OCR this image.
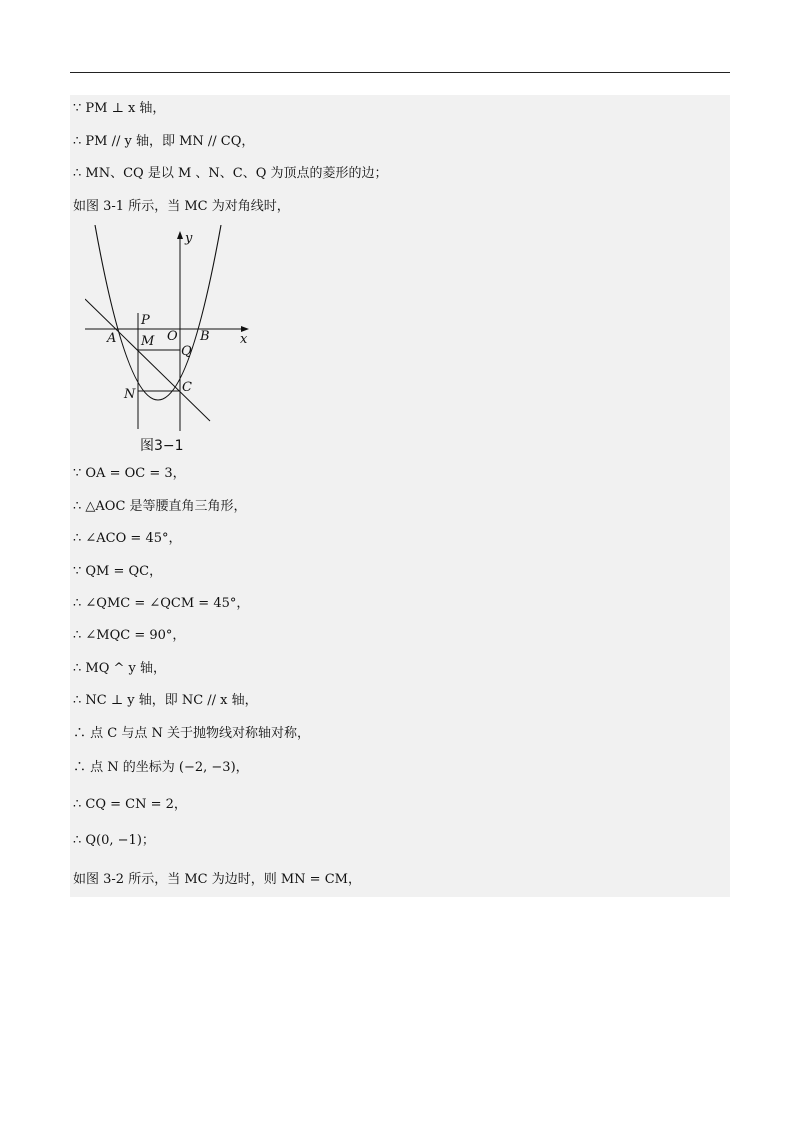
∵ PM ⊥ x 轴，
∴ PM // y 轴，即 MN // CQ，
∴ MN、CQ 是以 M 、N、C、Q 为顶点的菱形的边；
如图 3-1 所示，当 MC 为对角线时，
y
x
P
O
A M	B
Q
N	C
图3−1
∵ OA = OC = 3，
∴ △AOC 是等腰直角三角形，
∴ ∠ACO = 45°，
∵ QM = QC，
∴ ∠QMC = ∠QCM = 45°，
∴ ∠MQC = 90°，
∴ MQ ^ y 轴，
∴ NC ⊥ y 轴，即 NC // x 轴，
∴ 点 C 与点 N 关于抛物线对称轴对称，
∴ 点 N 的坐标为 (−2, −3)，
∴ CQ = CN = 2，
∴ Q(0, −1)；
如图 3-2 所示，当 MC 为边时，则 MN = CM，
